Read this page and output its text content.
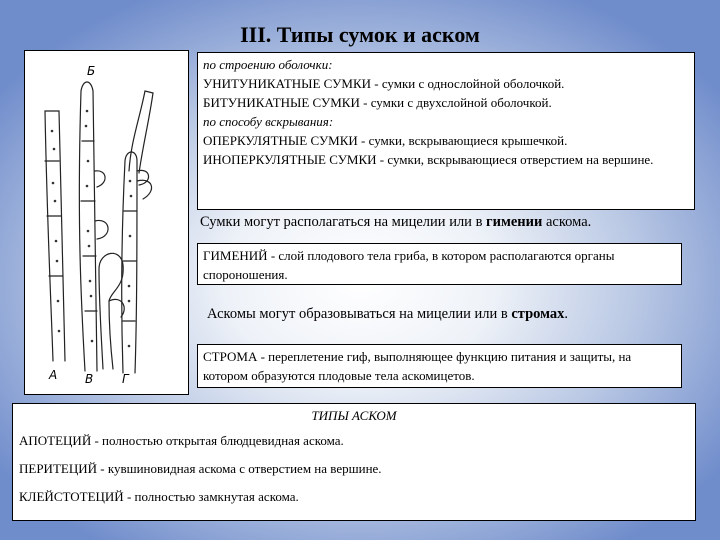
III. Типы сумок и аском
Б
А В Г
по строению оболочки:
УНИТУНИКАТНЫЕ СУМКИ - сумки с однослойной оболочкой.
БИТУНИКАТНЫЕ СУМКИ - сумки с двухслойной оболочкой.
по способу вскрывания:
ОПЕРКУЛЯТНЫЕ СУМКИ - сумки, вскрывающиеся крышечкой.
ИНОПЕРКУЛЯТНЫЕ СУМКИ - сумки, вскрывающиеся отверстием на вершине.
Сумки могут располагаться на мицелии или в гимении аскома.
ГИМЕНИЙ - слой плодового тела гриба, в котором располагаются органы спороношения.
Аскомы могут образовываться на мицелии или в стромах.
СТРОМА - переплетение гиф, выполняющее функцию питания и защиты, на котором образуются плодовые тела аскомицетов.
ТИПЫ АСКОМ
АПОТЕЦИЙ - полностью открытая блюдцевидная аскома.
ПЕРИТЕЦИЙ - кувшиновидная аскома с отверстием на вершине.
КЛЕЙСТОТЕЦИЙ - полностью замкнутая аскома.
